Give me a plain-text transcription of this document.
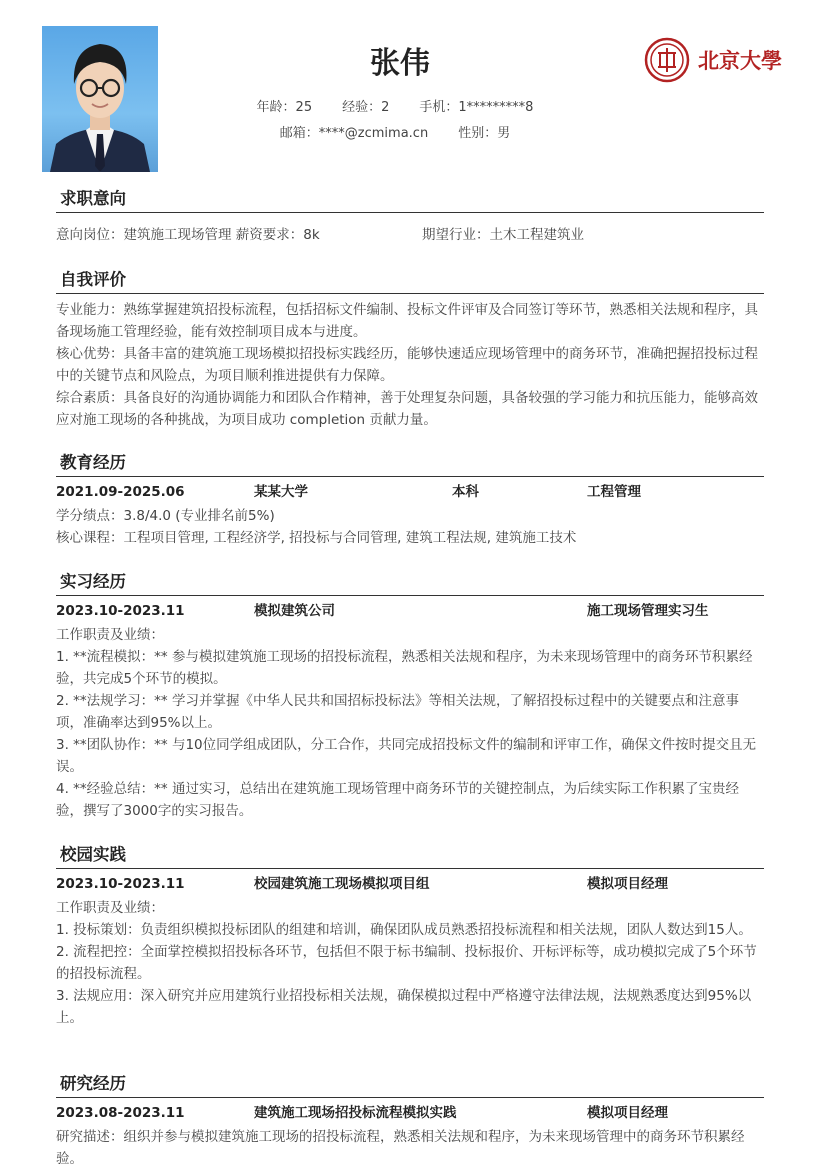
张伟
年龄：25 经验：2 手机：1*********8
邮箱：****@zcmima.cn 性别：男
北京大學
求职意向
意向岗位：建筑施工现场管理 薪资要求：8k	期望行业：土木工程建筑业
自我评价

专业能力：熟练掌握建筑招投标流程，包括招标文件编制、投标文件评审及合同签订等环节，熟悉相关法规和程序，具备现场施工管理经验，能有效控制项目成本与进度。

核心优势：具备丰富的建筑施工现场模拟招投标实践经历，能够快速适应现场管理中的商务环节，准确把握招投标过程中的关键节点和风险点，为项目顺利推进提供有力保障。

综合素质：具备良好的沟通协调能力和团队合作精神，善于处理复杂问题，具备较强的学习能力和抗压能力，能够高效应对施工现场的各种挑战，为项目成功 completion 贡献力量。

教育经历
2021.09-2025.06	某某大学	本科	工程管理

学分绩点：3.8/4.0 (专业排名前5%)

核心课程：工程项目管理, 工程经济学, 招投标与合同管理, 建筑工程法规, 建筑施工技术

实习经历
2023.10-2023.11	模拟建筑公司	施工现场管理实习生

工作职责及业绩：

1. **流程模拟：** 参与模拟建筑施工现场的招投标流程，熟悉相关法规和程序，为未来现场管理中的商务环节积累经验，共完成5个环节的模拟。

2. **法规学习：** 学习并掌握《中华人民共和国招标投标法》等相关法规，了解招投标过程中的关键要点和注意事项，准确率达到95%以上。

3. **团队协作：** 与10位同学组成团队，分工合作，共同完成招投标文件的编制和评审工作，确保文件按时提交且无误。

4. **经验总结：** 通过实习，总结出在建筑施工现场管理中商务环节的关键控制点，为后续实际工作积累了宝贵经验，撰写了3000字的实习报告。

校园实践
2023.10-2023.11	校园建筑施工现场模拟项目组	模拟项目经理

工作职责及业绩：

1. 投标策划：负责组织模拟投标团队的组建和培训，确保团队成员熟悉招投标流程和相关法规，团队人数达到15人。

2. 流程把控：全面掌控模拟招投标各环节，包括但不限于标书编制、投标报价、开标评标等，成功模拟完成了5个环节的招投标流程。

3. 法规应用：深入研究并应用建筑行业招投标相关法规，确保模拟过程中严格遵守法律法规，法规熟悉度达到95%以上。

研究经历
2023.08-2023.11	建筑施工现场招投标流程模拟实践	模拟项目经理

研究描述：组织并参与模拟建筑施工现场的招投标流程，熟悉相关法规和程序，为未来现场管理中的商务环节积累经验。
